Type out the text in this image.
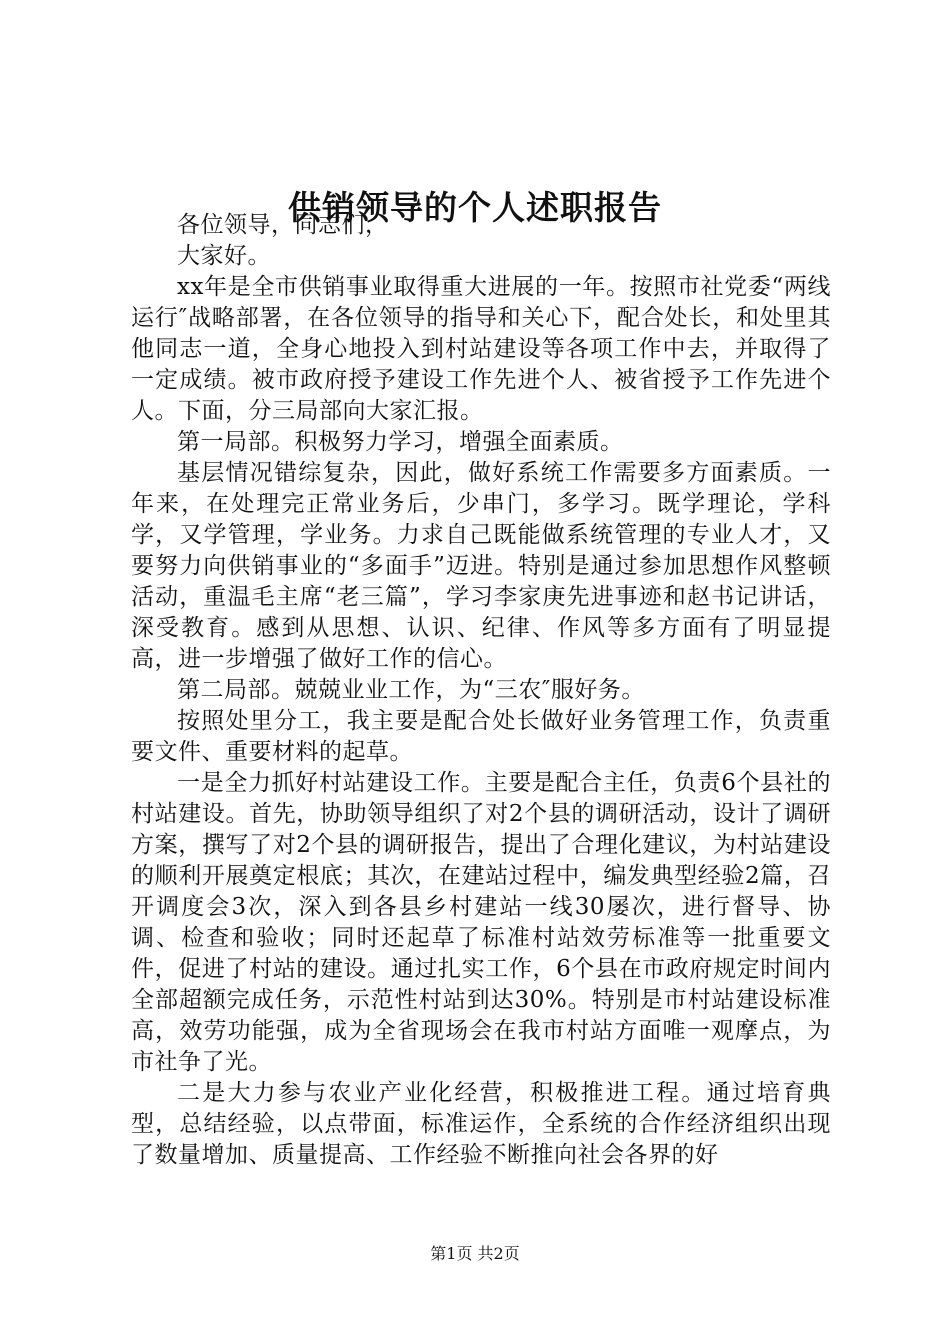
供销领导的个人述职报告

各位领导，同志们，

大家好。

xx年是全市供销事业取得重大进展的一年。按照市社党委“两线运行″战略部署，在各位领导的指导和关心下，配合处长，和处里其他同志一道，全身心地投入到村站建设等各项工作中去，并取得了一定成绩。被市政府授予建设工作先进个人、被省授予工作先进个人。下面，分三局部向大家汇报。

第一局部。积极努力学习，增强全面素质。

基层情况错综复杂，因此，做好系统工作需要多方面素质。一年来，在处理完正常业务后，少串门，多学习。既学理论，学科学，又学管理，学业务。力求自己既能做系统管理的专业人才，又要努力向供销事业的“多面手”迈进。特别是通过参加思想作风整顿活动，重温毛主席“老三篇”，学习李家庚先进事迹和赵书记讲话，深受教育。感到从思想、认识、纪律、作风等多方面有了明显提高，进一步增强了做好工作的信心。

第二局部。兢兢业业工作，为“三农″服好务。

按照处里分工，我主要是配合处长做好业务管理工作，负责重要文件、重要材料的起草。

一是全力抓好村站建设工作。主要是配合主任，负责6个县社的村站建设。首先，协助领导组织了对2个县的调研活动，设计了调研方案，撰写了对2个县的调研报告，提出了合理化建议，为村站建设的顺利开展奠定根底；其次，在建站过程中，编发典型经验2篇，召开调度会3次，深入到各县乡村建站一线30屡次，进行督导、协调、检查和验收；同时还起草了标准村站效劳标准等一批重要文件，促进了村站的建设。通过扎实工作，6个县在市政府规定时间内全部超额完成任务，示范性村站到达30%。特别是市村站建设标准高，效劳功能强，成为全省现场会在我市村站方面唯一观摩点，为市社争了光。

二是大力参与农业产业化经营，积极推进工程。通过培育典型，总结经验，以点带面，标准运作，全系统的合作经济组织出现了数量增加、质量提高、工作经验不断推向社会各界的好

第1页 共2页
